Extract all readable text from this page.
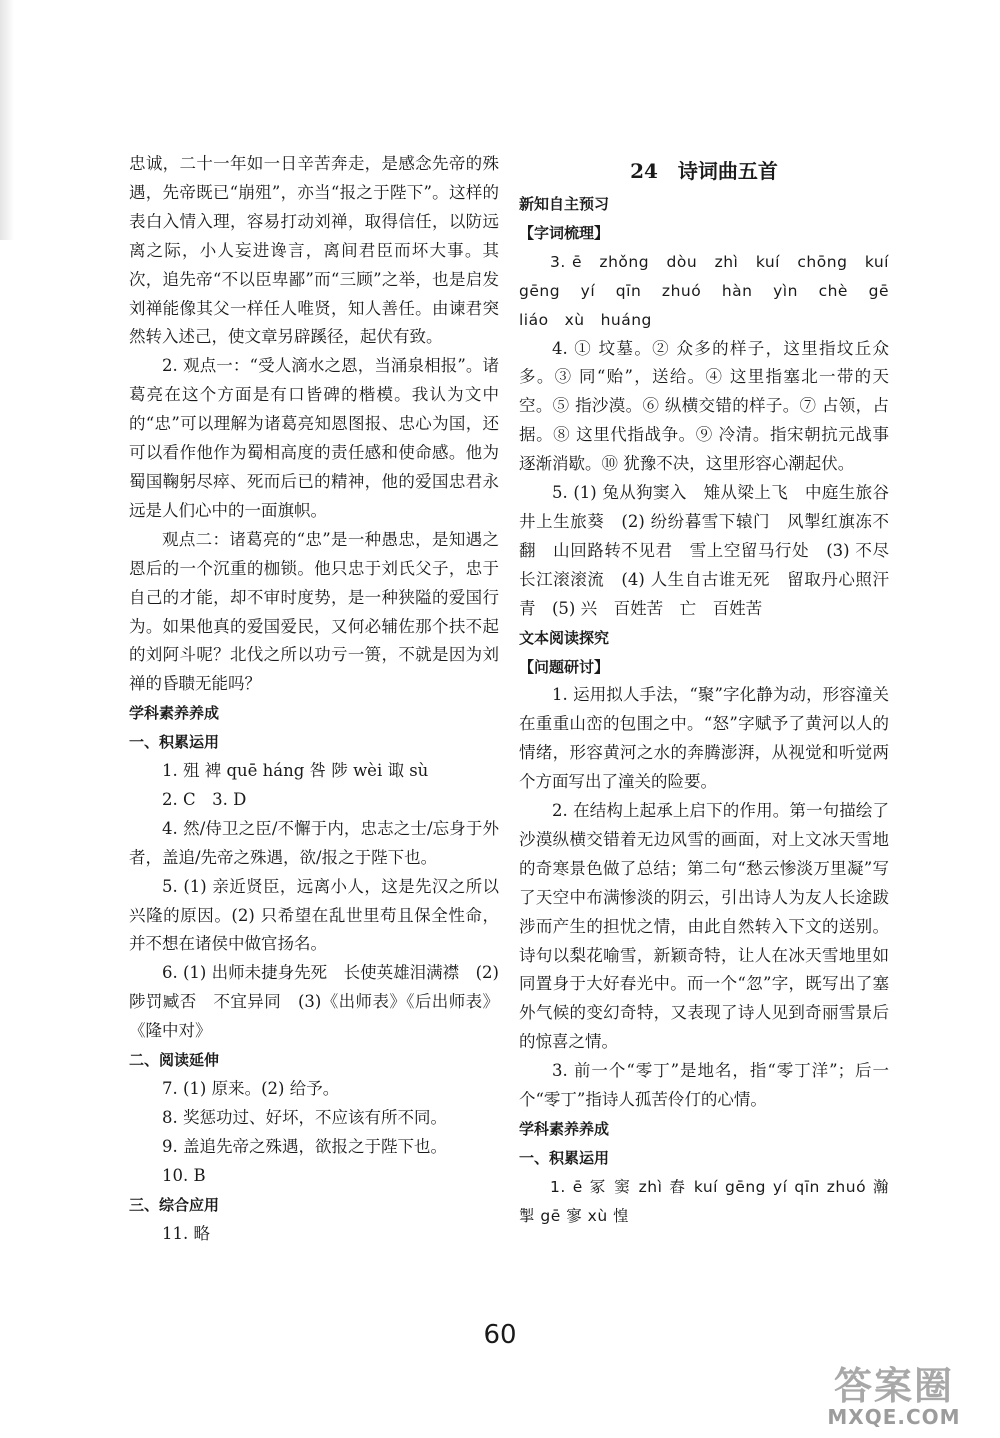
忠诚，二十一年如一日辛苦奔走，是感念先帝的殊遇，先帝既已“崩殂”，亦当“报之于陛下”。这样的表白入情入理，容易打动刘禅，取得信任，以防远离之际，小人妄进谗言，离间君臣而坏大事。其次，追先帝“不以臣卑鄙”而“三顾”之举，也是启发刘禅能像其父一样任人唯贤，知人善任。由谏君突然转入述己，使文章另辟蹊径，起伏有致。

2. 观点一：“受人滴水之恩，当涌泉相报”。诸葛亮在这个方面是有口皆碑的楷模。我认为文中的“忠”可以理解为诸葛亮知恩图报、忠心为国，还可以看作他作为蜀相高度的责任感和使命感。他为蜀国鞠躬尽瘁、死而后已的精神，他的爱国忠君永远是人们心中的一面旗帜。

观点二：诸葛亮的“忠”是一种愚忠，是知遇之恩后的一个沉重的枷锁。他只忠于刘氏父子，忠于自己的才能，却不审时度势，是一种狭隘的爱国行为。如果他真的爱国爱民，又何必辅佐那个扶不起的刘阿斗呢？北伐之所以功亏一篑，不就是因为刘禅的昏聩无能吗？

学科素养养成

一、积累运用

1. 殂 裨 quē háng 咎 陟 wèi 诹 sù

2. C　3. D

4. 然/侍卫之臣/不懈于内，忠志之士/忘身于外者，盖追/先帝之殊遇，欲/报之于陛下也。

5. (1) 亲近贤臣，远离小人，这是先汉之所以兴隆的原因。(2) 只希望在乱世里苟且保全性命，并不想在诸侯中做官扬名。

6. (1) 出师未捷身先死　长使英雄泪满襟　(2) 陟罚臧否　不宜异同　(3)《出师表》《后出师表》《隆中对》

二、阅读延伸

7. (1) 原来。(2) 给予。

8. 奖惩功过、好坏，不应该有所不同。

9. 盖追先帝之殊遇，欲报之于陛下也。

10. B

三、综合应用

11. 略

24　诗词曲五首

新知自主预习

【字词梳理】

3. ē　zhǒng　dòu　zhì　kuí　chōng　kuí　gēng　yí　qīn　zhuó　hàn　yìn　chè　gē　liáo　xù　huáng

4. ① 坟墓。② 众多的样子，这里指坟丘众多。③ 同“贻”，送给。④ 这里指塞北一带的天空。⑤ 指沙漠。⑥ 纵横交错的样子。⑦ 占领，占据。⑧ 这里代指战争。⑨ 冷清。指宋朝抗元战事逐渐消歇。⑩ 犹豫不决，这里形容心潮起伏。

5. (1) 兔从狗窦入　雉从梁上飞　中庭生旅谷　井上生旅葵　(2) 纷纷暮雪下辕门　风掣红旗冻不翻　山回路转不见君　雪上空留马行处　(3) 不尽长江滚滚流　(4) 人生自古谁无死　留取丹心照汗青　(5) 兴　百姓苦　亡　百姓苦

文本阅读探究

【问题研讨】

1. 运用拟人手法，“聚”字化静为动，形容潼关在重重山峦的包围之中。“怒”字赋予了黄河以人的情绪，形容黄河之水的奔腾澎湃，从视觉和听觉两个方面写出了潼关的险要。

2. 在结构上起承上启下的作用。第一句描绘了沙漠纵横交错着无边风雪的画面，对上文冰天雪地的奇寒景色做了总结；第二句“愁云惨淡万里凝”写了天空中布满惨淡的阴云，引出诗人为友人长途跋涉而产生的担忧之情，由此自然转入下文的送别。诗句以梨花喻雪，新颖奇特，让人在冰天雪地里如同置身于大好春光中。而一个“忽”字，既写出了塞外气候的变幻奇特，又表现了诗人见到奇丽雪景后的惊喜之情。

3. 前一个“零丁”是地名，指“零丁洋”；后一个“零丁”指诗人孤苦伶仃的心情。

学科素养养成

一、积累运用

1. ē 冢 窦 zhì 舂 kuí gēng yí qīn zhuó 瀚 掣 gē 寥 xù 惶

60
答案圈
MXQE.COM
